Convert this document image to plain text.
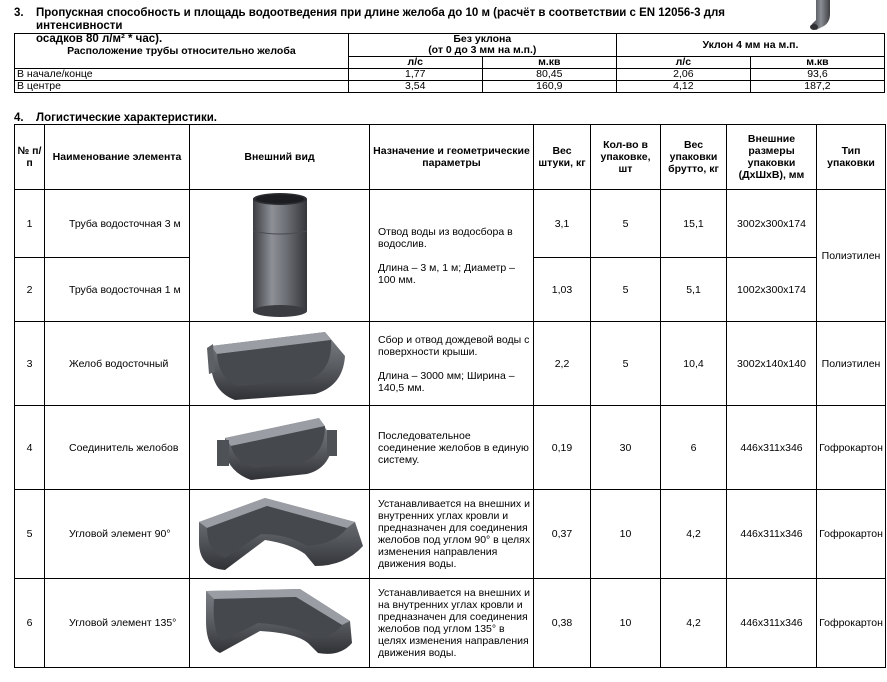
3. Пропускная способность и площадь водоотведения при длине желоба до 10 м (расчёт в соответствии с EN 12056-3 для интенсивности
осадков 80 л/м² * час).
Расположение трубы относительно желоба	Без уклона
(от 0 до 3 мм на м.п.)		Уклон 4 мм на м.п.	
	л/с	м.кв	л/с	м.кв
В начале/конце	1,77	80,45	2,06	93,6
В центре	3,54	160,9	4,12	187,2
4. Логистические характеристики.
№ п/п	Наименование элемента	Внешний вид	Назначение и геометрические параметры	Вес штуки, кг	Кол-во в упаковке, шт	Вес упаковки брутто, кг	Внешние размеры упаковки (ДхШхВ), мм	Тип упаковки
1	Труба водосточная 3 м		Отвод воды из водосбора в водослив.

Длина – 3 м, 1 м; Диаметр – 100 мм.	3,1	5	15,1	3002x300x174	Полиэтилен
2	Труба водосточная 1 м			1,03	5	5,1	1002x300x174	
3	Желоб водосточный		Сбор и отвод дождевой воды с поверхности крыши.

Длина – 3000 мм; Ширина – 140,5 мм.	2,2	5	10,4	3002x140x140	Полиэтилен
4	Соединитель желобов		Последовательное соединение желобов в единую систему.	0,19	30	6	446x311x346	Гофрокартон
5	Угловой элемент 90°		Устанавливается на внешних и внутренних углах кровли и предназначен для соединения желобов под углом 90° в целях изменения направления движения воды.	0,37	10	4,2	446x311x346	Гофрокартон
6	Угловой элемент 135°		Устанавливается на внешних и на внутренних углах кровли и предназначен для соединения желобов под углом 135° в целях изменения направления движения воды.	0,38	10	4,2	446x311x346	Гофрокартон
